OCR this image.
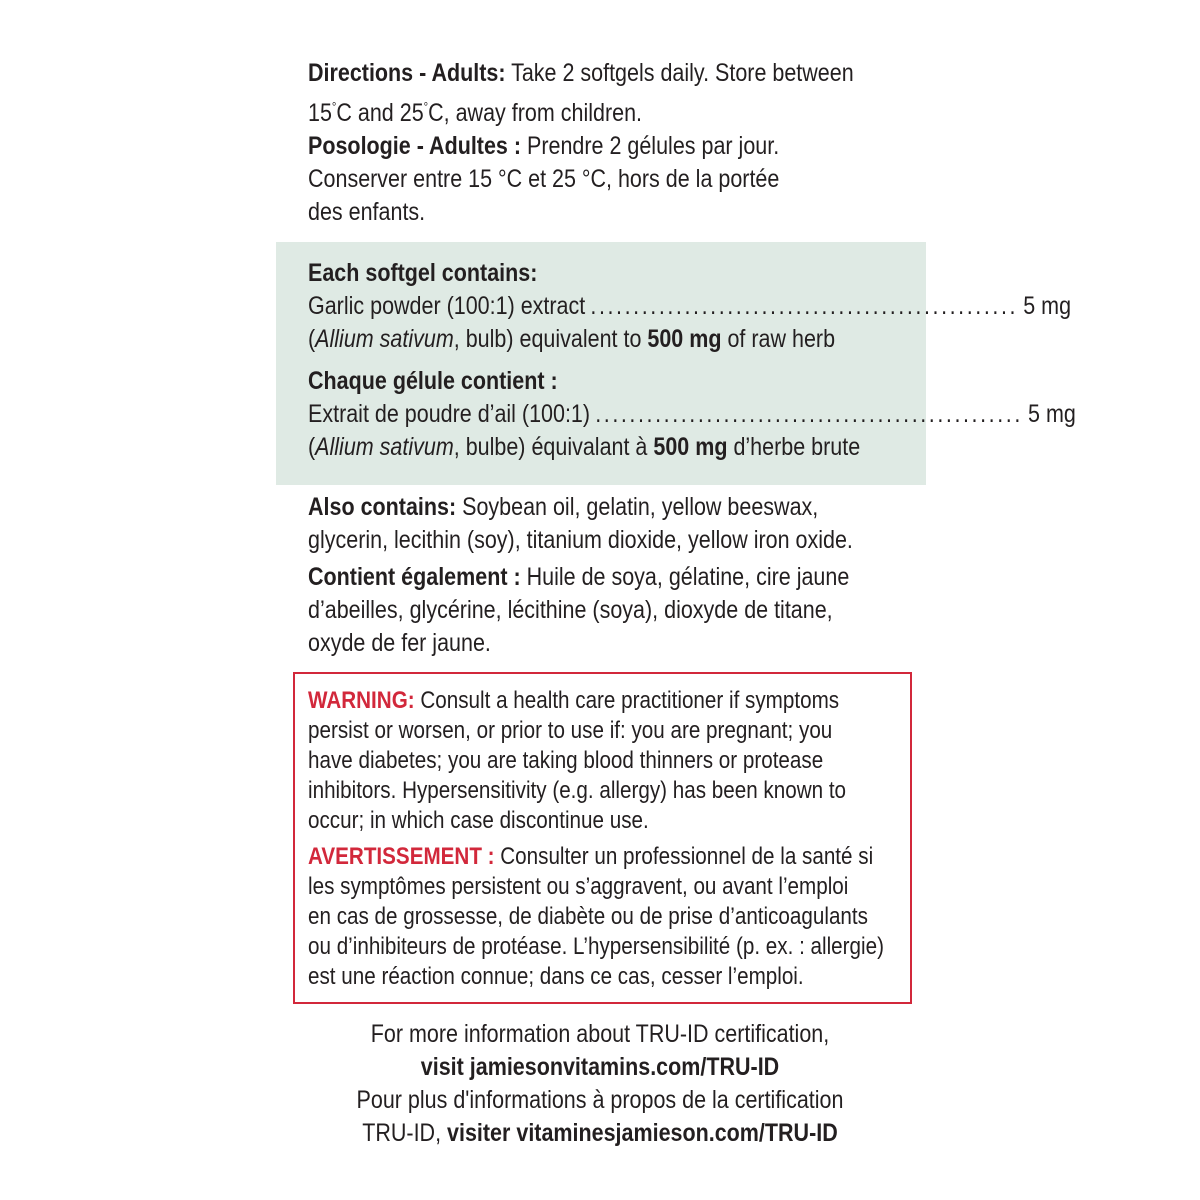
Directions - Adults: Take 2 softgels daily. Store between
15°C and 25°C, away from children.
Posologie - Adultes : Prendre 2 gélules par jour.
Conserver entre 15 °C et 25 °C, hors de la portée
des enfants.
Each softgel contains:
Garlic powder (100:1) extract .................................................. 5 mg
(Allium sativum, bulb) equivalent to 500 mg of raw herb
Chaque gélule contient :
Extrait de poudre d’ail (100:1) .................................................. 5 mg
(Allium sativum, bulbe) équivalant à 500 mg d’herbe brute
Also contains: Soybean oil, gelatin, yellow beeswax,
glycerin, lecithin (soy), titanium dioxide, yellow iron oxide.
Contient également : Huile de soya, gélatine, cire jaune
d’abeilles, glycérine, lécithine (soya), dioxyde de titane,
oxyde de fer jaune.
WARNING: Consult a health care practitioner if symptoms
persist or worsen, or prior to use if: you are pregnant; you
have diabetes; you are taking blood thinners or protease
inhibitors. Hypersensitivity (e.g. allergy) has been known to
occur; in which case discontinue use.
AVERTISSEMENT : Consulter un professionnel de la santé si
les symptômes persistent ou s’aggravent, ou avant l’emploi
en cas de grossesse, de diabète ou de prise d’anticoagulants
ou d’inhibiteurs de protéase. L’hypersensibilité (p. ex. : allergie)
est une réaction connue; dans ce cas, cesser l’emploi.
For more information about TRU-ID certification,
visit jamiesonvitamins.com/TRU-ID
Pour plus d'informations à propos de la certification
TRU-ID, visiter vitaminesjamieson.com/TRU-ID
